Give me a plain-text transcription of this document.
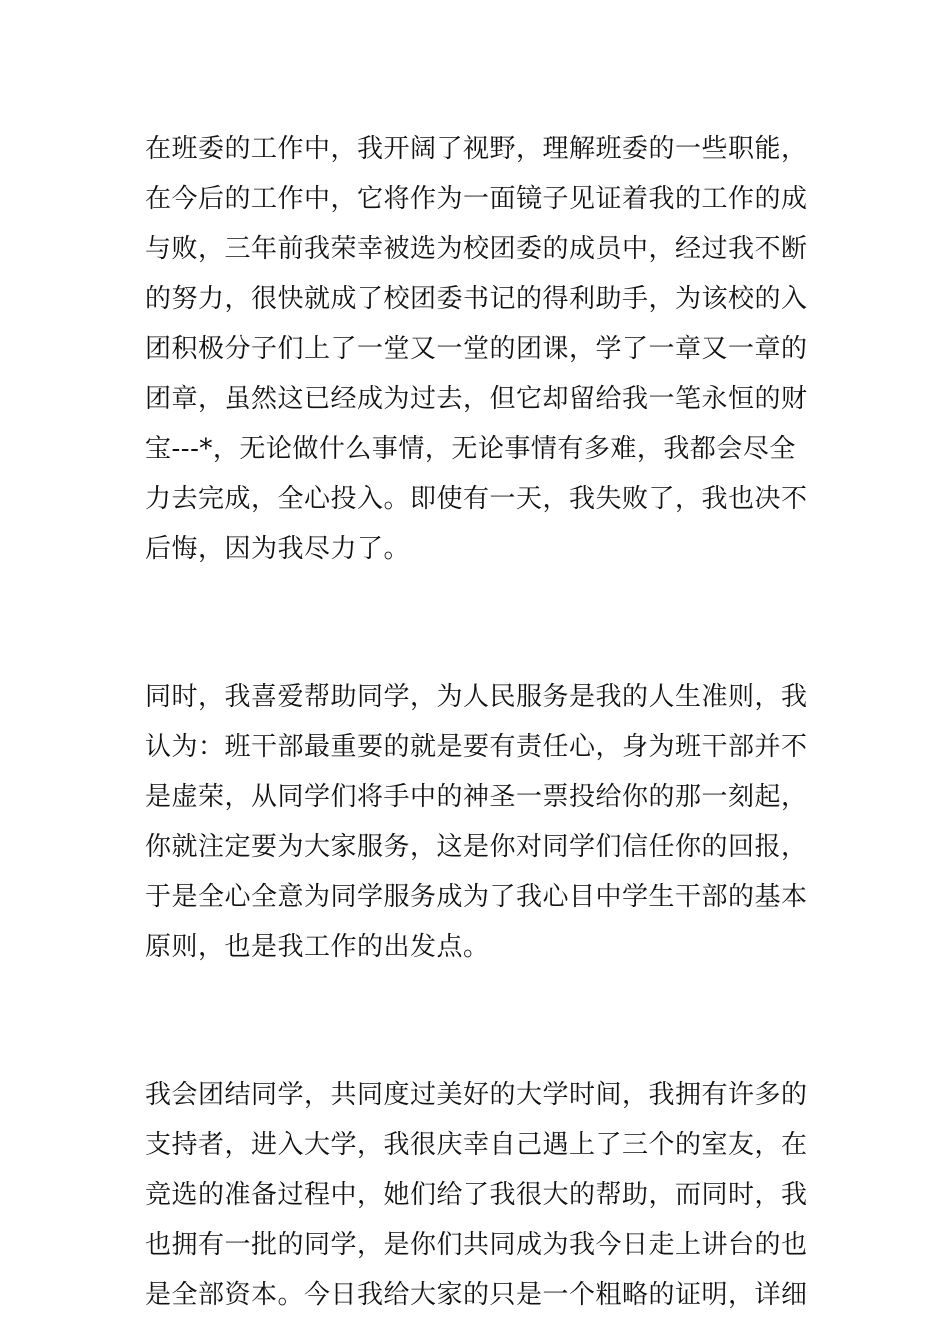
在班委的工作中，我开阔了视野，理解班委的一些职能，
在今后的工作中，它将作为一面镜子见证着我的工作的成
与败，三年前我荣幸被选为校团委的成员中，经过我不断
的努力，很快就成了校团委书记的得利助手，为该校的入
团积极分子们上了一堂又一堂的团课，学了一章又一章的
团章，虽然这已经成为过去，但它却留给我一笔永恒的财
宝---*，无论做什么事情，无论事情有多难，我都会尽全
力去完成，全心投入。即使有一天，我失败了，我也决不
后悔，因为我尽力了。

同时，我喜爱帮助同学，为人民服务是我的人生准则，我
认为：班干部最重要的就是要有责任心，身为班干部并不
是虚荣，从同学们将手中的神圣一票投给你的那一刻起，
你就注定要为大家服务，这是你对同学们信任你的回报，
于是全心全意为同学服务成为了我心目中学生干部的基本
原则，也是我工作的出发点。

我会团结同学，共同度过美好的大学时间，我拥有许多的
支持者，进入大学，我很庆幸自己遇上了三个的室友，在
竞选的准备过程中，她们给了我很大的帮助，而同时，我
也拥有一批的同学，是你们共同成为我今日走上讲台的也
是全部资本。今日我给大家的只是一个粗略的证明，详细
